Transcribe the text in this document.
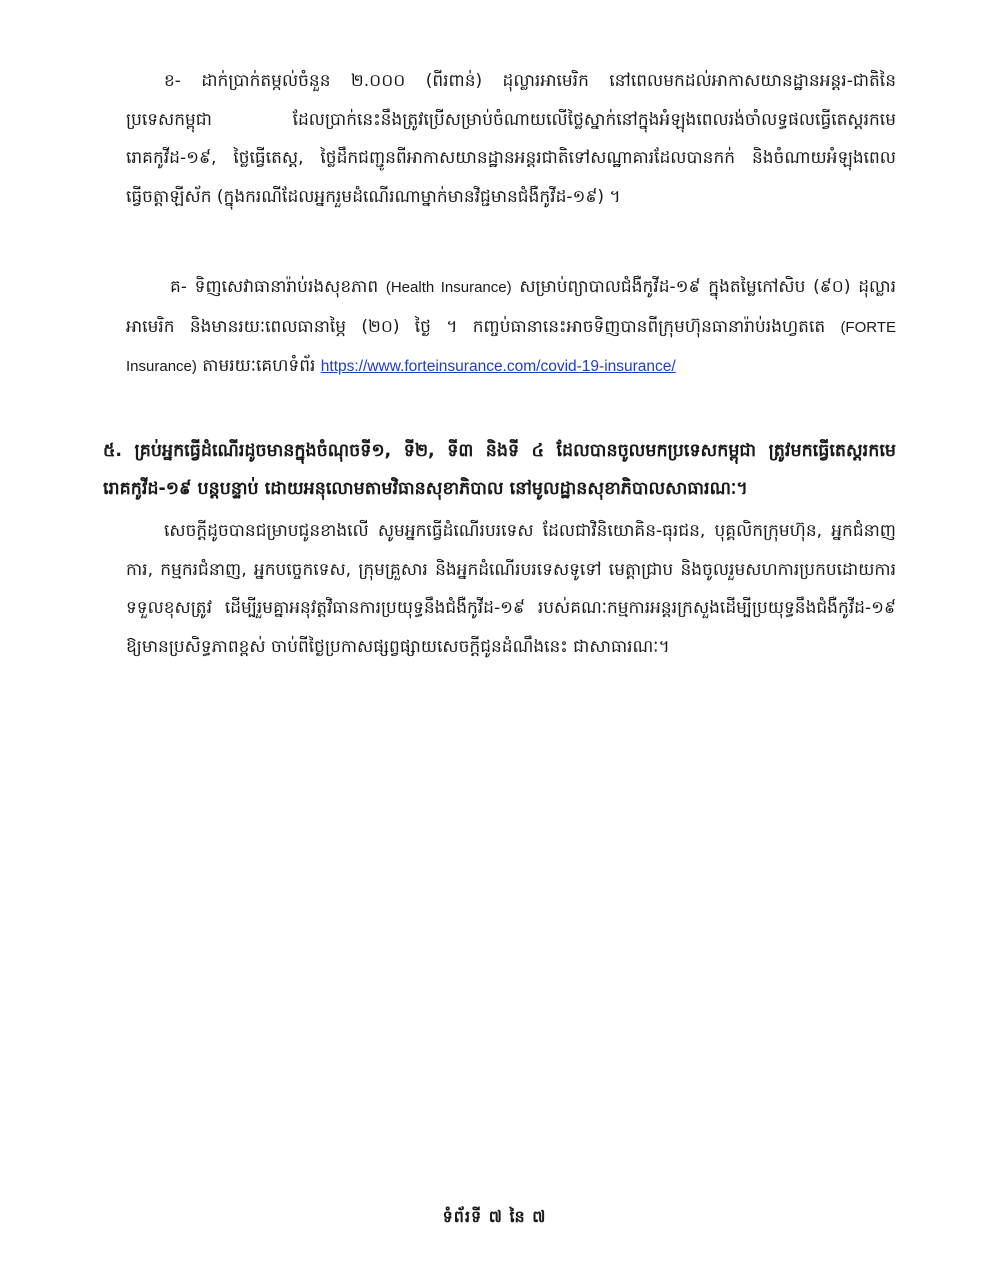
ខ- ដាក់ប្រាក់តម្កល់ចំនួន ២.០០០ (ពីរពាន់) ដុល្លារអាមេរិក នៅពេលមកដល់អាកាសយានដ្ឋានអន្តរ-ជាតិនៃប្រទេសកម្ពុជា ដែលប្រាក់នេះនឹងត្រូវប្រើសម្រាប់ចំណាយលើថ្លៃស្នាក់នៅក្នុងអំឡុងពេលរង់ចាំលទ្ធផលធ្វើតេស្តរកមេរោគកូវីដ-១៩, ថ្លៃធ្វើតេស្ត, ថ្លៃដឹកជញ្ជូនពីអាកាសយានដ្ឋានអន្តរជាតិទៅសណ្ឋាគារដែលបានកក់ និងចំណាយអំឡុងពេលធ្វើចត្តាឡីស័ក (ក្នុងករណីដែលអ្នករួមដំណើរណាម្នាក់មានវិជ្ជមានជំងឺកូវីដ-១៩) ។

គ- ទិញសេវាធានារ៉ាប់រងសុខភាព (Health Insurance) សម្រាប់ព្យាបាលជំងឺកូវីដ-១៩ ក្នុងតម្លៃកៅសិប (៩០) ដុល្លារអាមេរិក និងមានរយៈពេលធានាម្ភៃ (២០) ថ្ងៃ ។ កញ្ចប់ធានានេះអាចទិញបានពីក្រុមហ៊ុនធានារ៉ាប់រងហ្វតតេ (FORTE Insurance) តាមរយៈគេហទំព័រ https://www.forteinsurance.com/covid-19-insurance/

៥. គ្រប់អ្នកធ្វើដំណើរដូចមានក្នុងចំណុចទី១, ទី២, ទី៣ និងទី ៤ ដែលបានចូលមកប្រទេសកម្ពុជា ត្រូវមកធ្វើតេស្តរកមេរោគកូវីដ-១៩ បន្តបន្ទាប់ ដោយអនុលោមតាមវិធានសុខាភិបាល នៅមូលដ្ឋានសុខាភិបាលសាធារណៈ។

សេចក្តីដូចបានជម្រាបជូនខាងលើ សូមអ្នកធ្វើដំណើរបរទេស ដែលជាវិនិយោគិន-ធុរជន, បុគ្គលិកក្រុមហ៊ុន, អ្នកជំនាញការ, កម្មករជំនាញ, អ្នកបច្ចេកទេស, ក្រុមគ្រួសារ និងអ្នកដំណើរបរទេសទូទៅ មេត្តាជ្រាប និងចូលរួមសហការប្រកបដោយការទទួលខុសត្រូវ ដើម្បីរួមគ្នាអនុវត្តវិធានការប្រយុទ្ធនឹងជំងឺកូវីដ-១៩ របស់គណៈកម្មការអន្តរក្រសួងដើម្បីប្រយុទ្ធនឹងជំងឺកូវីដ-១៩ ឱ្យមានប្រសិទ្ធភាពខ្ពស់ ចាប់ពីថ្ងៃប្រកាសផ្សព្វផ្សាយសេចក្តីជូនដំណឹងនេះ ជាសាធារណៈ។

ទំព័រទី ៧ នៃ ៧
